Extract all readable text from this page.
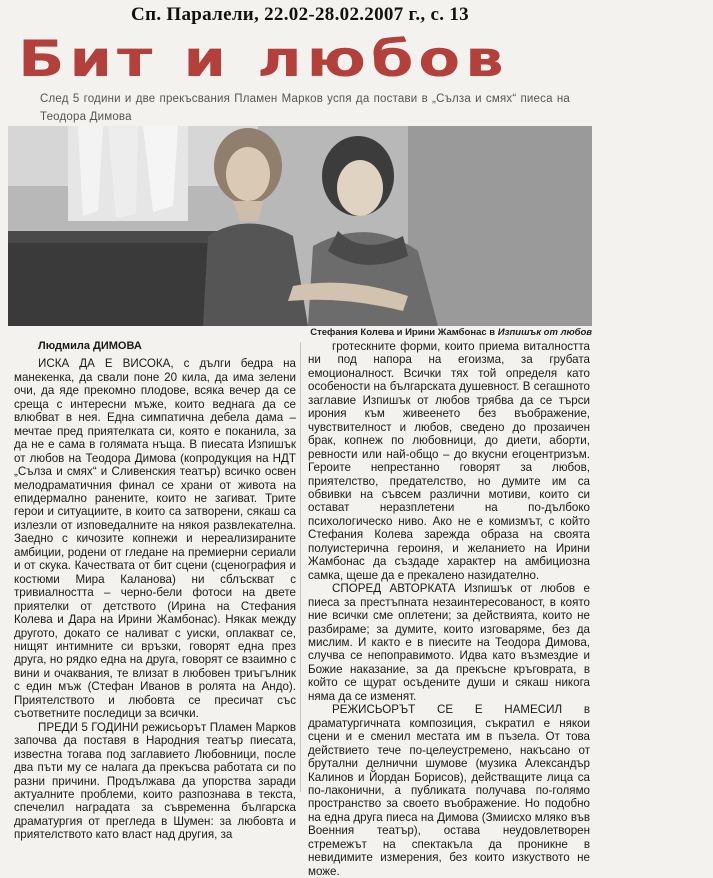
Сп. Паралели, 22.02-28.02.2007 г., с. 13
Бит и любов
След 5 години и две прекъсвания Пламен Марков успя да постави в „Сълза и смях“ пиеса на Теодора Димова
Стефания Колева и Ирини Жамбонас в Изпишък от любов

Людмила ДИМОВА

ИСКА ДА Е ВИСОКА, с дълги бедра на манекенка, да свали поне 20 кила, да има зелени очи, да яде прекомно плодове, всяка вечер да се среща с интересни мъже, които веднага да се влюбват в нея. Една симпатична дебела дама – мечтае пред приятелката си, която е поканила, за да не е сама в голямата нъща. В пиесата Изпишък от любов на Теодора Димова (копродукция на НДТ „Сълза и смях“ и Сливенския театър) всичко освен мелодраматичния финал се храни от живота на епидермално ранените, които не загиват. Трите герои и ситуациите, в които са затворени, сякаш са излезли от изповедалните на някоя развлекателна. Заедно с кичозите копнежи и нереализираните амбиции, родени от гледане на премиерни сериали и от скука. Качествата от бит сцени (сценография и костюми Мира Каланова) ни сблъскват с тривиалността – черно-бели фотоси на двете приятелки от детството (Ирина на Стефания Колева и Дара на Ирини Жамбонас). Някак между другото, докато се наливат с уиски, оплакват се, нищят интимните си връзки, говорят една през друга, но рядко една на друга, говорят се взаимно с вини и очаквания, те влизат в любовен триъгълник с един мъж (Стефан Иванов в ролята на Андо). Приятелството и любовта се пресичат със съответните последици за всички.

ПРЕДИ 5 ГОДИНИ режисьорът Пламен Марков започва да поставя в Народния театър пиесата, известна тогава под заглавието Любовници, после два пъти му се налага да прекъсва работата си по разни причини. Продължава да упорства заради актуалните проблеми, които разпознава в текста, спечелил наградата за съвременна българска драматургия от прегледа в Шумен: за любовта и приятелството като власт над другия, за

гротескните форми, които приема виталността ни под напора на егоизма, за грубата емоционалност. Всички тях той определя като особености на българската душевност. В сегашното заглавие Изпишък от любов трябва да се търси ирония към живеенето без въображение, чувствителност и любов, сведено до прозаичен брак, копнеж по любовници, до диети, аборти, ревности или най-общо – до вкусни егоцентризъм. Героите непрестанно говорят за любов, приятелство, предателство, но думите им са обвивки на съвсем различни мотиви, които си остават неразплетени на по-дълбоко психологическо ниво. Ако не е комизмът, с който Стефания Колева зарежда образа на своята полуистерична героиня, и желанието на Ирини Жамбонас да създаде характер на амбициозна самка, щеше да е прекалено назидателно.

СПОРЕД АВТОРКАТА Изпишък от любов е пиеса за престъпната незаинтересованост, в която ние всички сме оплетени; за действията, които не разбираме; за думите, които изговаряме, без да мислим. И както е в пиесите на Теодора Димова, случва се непоправимото. Идва като възмездие и Божие наказание, за да прекъсне кръговрата, в който се щурат осъдените души и сякаш никога няма да се изменят.

РЕЖИСЬОРЪТ СЕ Е НАМЕСИЛ в драматургичната композиция, съкратил е някои сцени и е сменил местата им в пъзела. От това действието тече по-целеустремено, накъсано от брутални делнични шумове (музика Александър Калинов и Йордан Борисов), действащите лица са по-лаконични, а публиката получава по-голямо пространство за своето въображение. Но подобно на една друга пиеса на Димова (Змиисхо мляко във Военния театър), остава неудовлетворен стремежът на спектакъла да проникне в невидимите измерения, без които изкуството не може.
